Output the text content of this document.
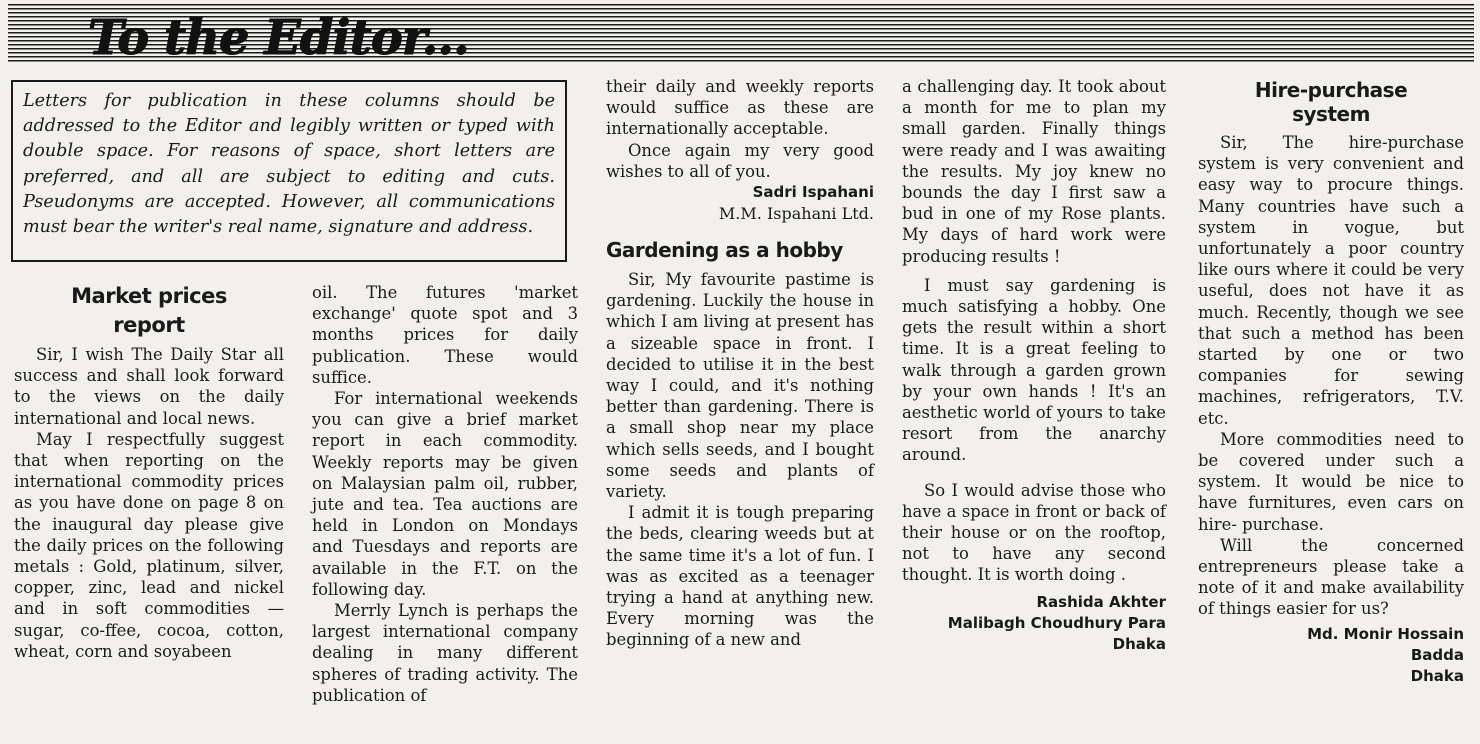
To the Editor...
Letters for publication in these columns should be addressed to the Editor and legibly written or typed with double space. For reasons of space, short letters are preferred, and all are subject to editing and cuts. Pseudonyms are accepted. However, all communications must bear the writer's real name, signature and address.
Market prices report

Sir, I wish The Daily Star all success and shall look forward to the views on the daily international and local news.

May I respectfully suggest that when reporting on the international commodity prices as you have done on page 8 on the inaugural day please give the daily prices on the following metals : Gold, platinum, silver, copper, zinc, lead and nickel and in soft commodities — sugar, co-ffee, cocoa, cotton, wheat, corn and soyabeen

oil. The futures 'market exchange' quote spot and 3 months prices for daily publication. These would suffice.

For international weekends you can give a brief market report in each commodity. Weekly reports may be given on Malaysian palm oil, rubber, jute and tea. Tea auctions are held in London on Mondays and Tuesdays and reports are available in the F.T. on the following day.

Merrly Lynch is perhaps the largest international company dealing in many different spheres of trading activity. The publication of

their daily and weekly reports would suffice as these are internationally acceptable.

Once again my very good wishes to all of you.

Sadri Ispahani

M.M. Ispahani Ltd.

Gardening as a hobby

Sir, My favourite pastime is gardening. Luckily the house in which I am living at present has a sizeable space in front. I decided to utilise it in the best way I could, and it's nothing better than gardening. There is a small shop near my place which sells seeds, and I bought some seeds and plants of variety.

I admit it is tough preparing the beds, clearing weeds but at the same time it's a lot of fun. I was as excited as a teenager trying a hand at anything new. Every morning was the beginning of a new and

a challenging day. It took about a month for me to plan my small garden. Finally things were ready and I was awaiting the results. My joy knew no bounds the day I first saw a bud in one of my Rose plants. My days of hard work were producing results !

I must say gardening is much satisfying a hobby. One gets the result within a short time. It is a great feeling to walk through a garden grown by your own hands ! It's an aesthetic world of yours to take resort from the anarchy around.

So I would advise those who have a space in front or back of their house or on the rooftop, not to have any second thought. It is worth doing .

Rashida Akhter

Malibagh Choudhury Para

Dhaka

Hire-purchase system

Sir, The hire-purchase system is very convenient and easy way to procure things. Many countries have such a system in vogue, but unfortunately a poor country like ours where it could be very useful, does not have it as much. Recently, though we see that such a method has been started by one or two companies for sewing machines, refrigerators, T.V. etc.

More commodities need to be covered under such a system. It would be nice to have furnitures, even cars on hire- purchase.

Will the concerned entrepreneurs please take a note of it and make availability of things easier for us?

Md. Monir Hossain

Badda

Dhaka
